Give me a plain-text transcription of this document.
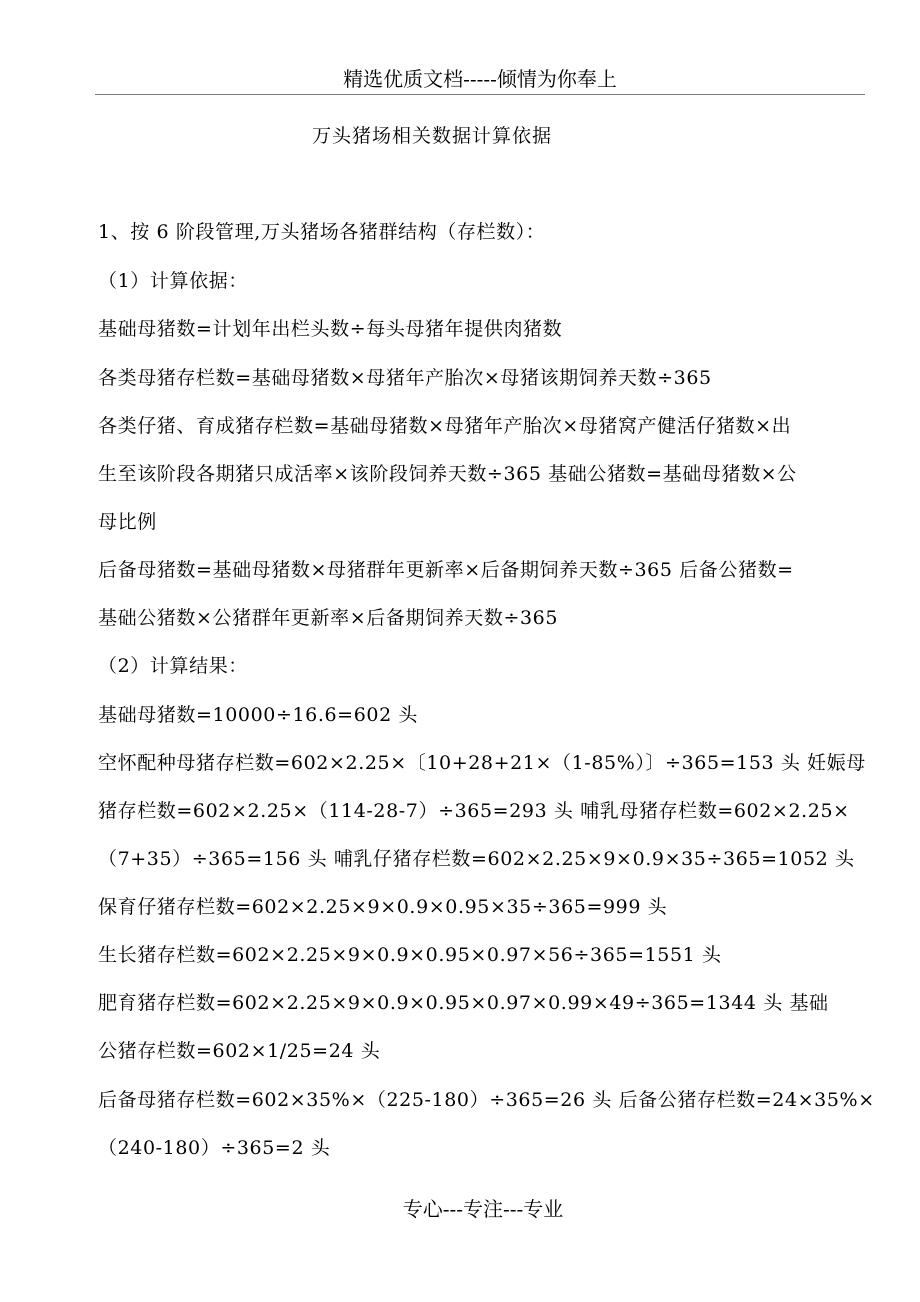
精选优质文档-----倾情为你奉上
万头猪场相关数据计算依据
1、按 6 阶段管理,万头猪场各猪群结构（存栏数）：
（1）计算依据：
基础母猪数=计划年出栏头数÷每头母猪年提供肉猪数
各类母猪存栏数=基础母猪数×母猪年产胎次×母猪该期饲养天数÷365
各类仔猪、育成猪存栏数=基础母猪数×母猪年产胎次×母猪窝产健活仔猪数×出
生至该阶段各期猪只成活率×该阶段饲养天数÷365 基础公猪数=基础母猪数×公
母比例
后备母猪数=基础母猪数×母猪群年更新率×后备期饲养天数÷365 后备公猪数=
基础公猪数×公猪群年更新率×后备期饲养天数÷365
（2）计算结果：
基础母猪数=10000÷16.6=602 头
空怀配种母猪存栏数=602×2.25×〔10+28+21×（1-85%）〕÷365=153 头 妊娠母
猪存栏数=602×2.25×（114-28-7）÷365=293 头 哺乳母猪存栏数=602×2.25×
（7+35）÷365=156 头 哺乳仔猪存栏数=602×2.25×9×0.9×35÷365=1052 头
保育仔猪存栏数=602×2.25×9×0.9×0.95×35÷365=999 头
生长猪存栏数=602×2.25×9×0.9×0.95×0.97×56÷365=1551 头
肥育猪存栏数=602×2.25×9×0.9×0.95×0.97×0.99×49÷365=1344 头 基础
公猪存栏数=602×1/25=24 头
后备母猪存栏数=602×35%×（225-180）÷365=26 头 后备公猪存栏数=24×35%×
（240-180）÷365=2 头
专心---专注---专业
